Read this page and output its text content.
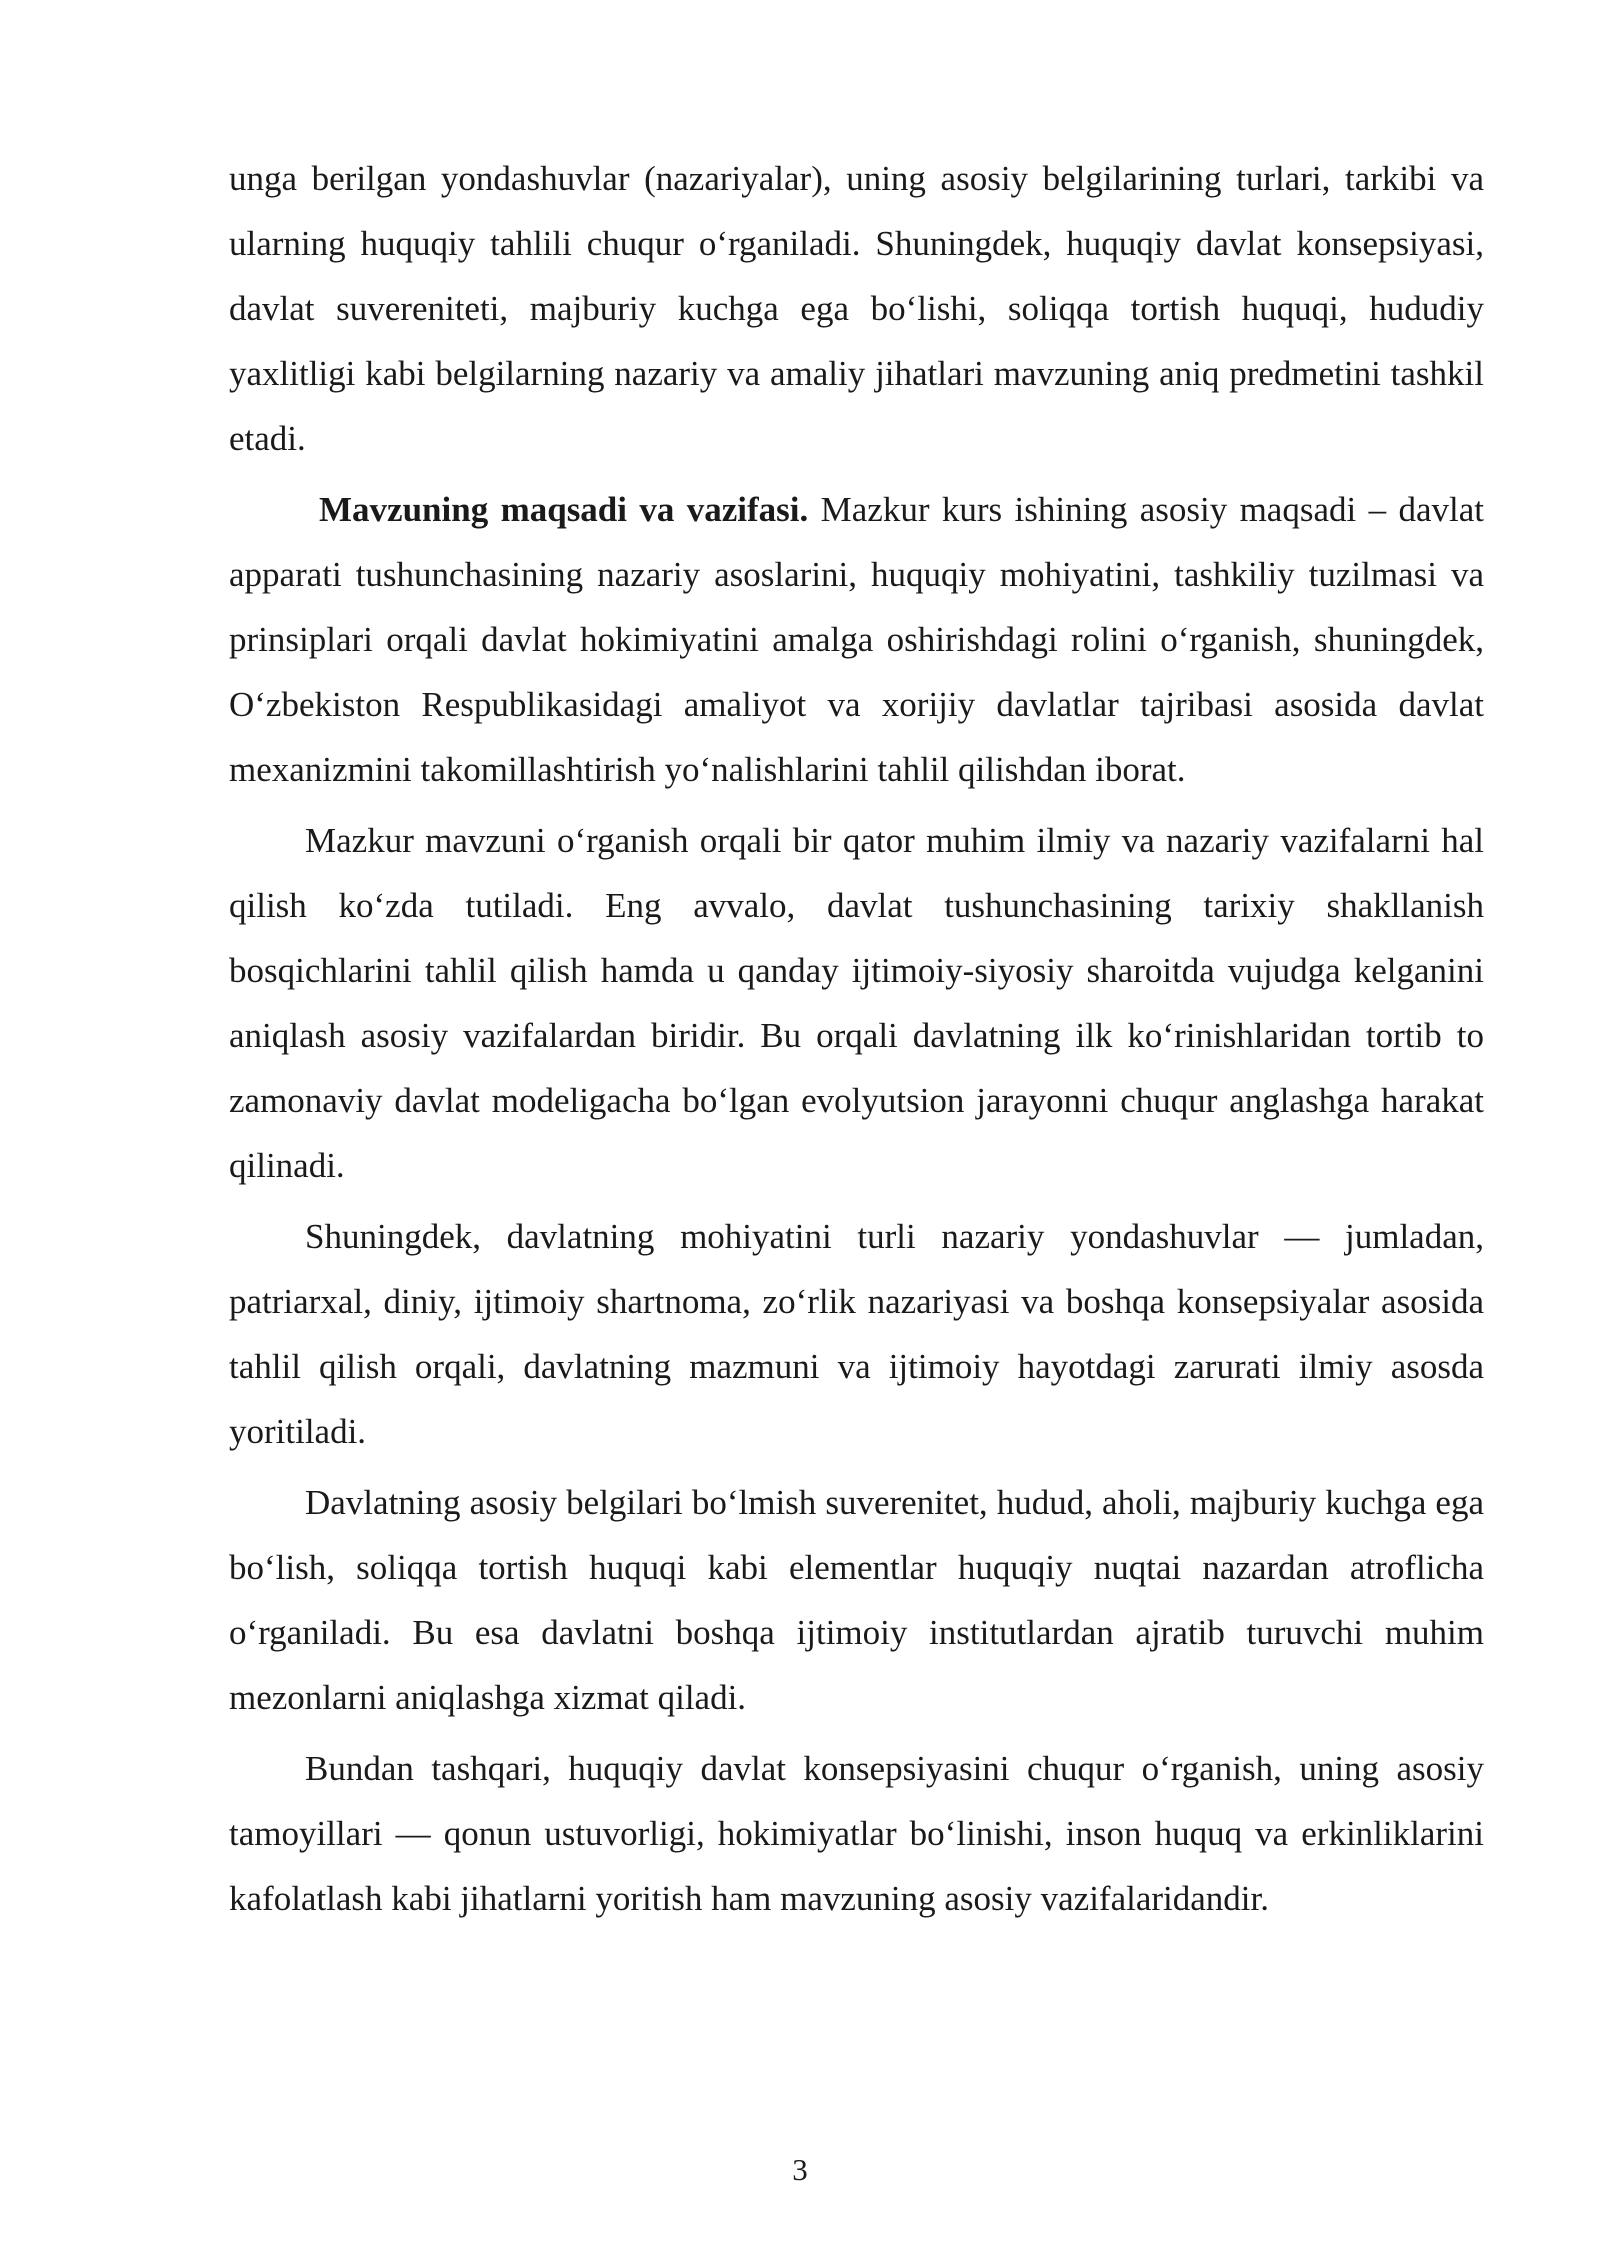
unga berilgan yondashuvlar (nazariyalar), uning asosiy belgilarining turlari, tarkibi va ularning huquqiy tahlili chuqur o‘rganiladi. Shuningdek, huquqiy davlat konsepsiyasi, davlat suvereniteti, majburiy kuchga ega bo‘lishi, soliqqa tortish huquqi, hududiy yaxlitligi kabi belgilarning nazariy va amaliy jihatlari mavzuning aniq predmetini tashkil etadi.

Mavzuning maqsadi va vazifasi. Mazkur kurs ishining asosiy maqsadi – davlat apparati tushunchasining nazariy asoslarini, huquqiy mohiyatini, tashkiliy tuzilmasi va prinsiplari orqali davlat hokimiyatini amalga oshirishdagi rolini o‘rganish, shuningdek, O‘zbekiston Respublikasidagi amaliyot va xorijiy davlatlar tajribasi asosida davlat mexanizmini takomillashtirish yo‘nalishlarini tahlil qilishdan iborat.

Mazkur mavzuni o‘rganish orqali bir qator muhim ilmiy va nazariy vazifalarni hal qilish ko‘zda tutiladi. Eng avvalo, davlat tushunchasining tarixiy shakllanish bosqichlarini tahlil qilish hamda u qanday ijtimoiy-siyosiy sharoitda vujudga kelganini aniqlash asosiy vazifalardan biridir. Bu orqali davlatning ilk ko‘rinishlaridan tortib to zamonaviy davlat modeligacha bo‘lgan evolyutsion jarayonni chuqur anglashga harakat qilinadi.

Shuningdek, davlatning mohiyatini turli nazariy yondashuvlar — jumladan, patriarxal, diniy, ijtimoiy shartnoma, zo‘rlik nazariyasi va boshqa konsepsiyalar asosida tahlil qilish orqali, davlatning mazmuni va ijtimoiy hayotdagi zarurati ilmiy asosda yoritiladi.

Davlatning asosiy belgilari bo‘lmish suverenitet, hudud, aholi, majburiy kuchga ega bo‘lish, soliqqa tortish huquqi kabi elementlar huquqiy nuqtai nazardan atroflicha o‘rganiladi. Bu esa davlatni boshqa ijtimoiy institutlardan ajratib turuvchi muhim mezonlarni aniqlashga xizmat qiladi.

Bundan tashqari, huquqiy davlat konsepsiyasini chuqur o‘rganish, uning asosiy tamoyillari — qonun ustuvorligi, hokimiyatlar bo‘linishi, inson huquq va erkinliklarini kafolatlash kabi jihatlarni yoritish ham mavzuning asosiy vazifalaridandir.

3
